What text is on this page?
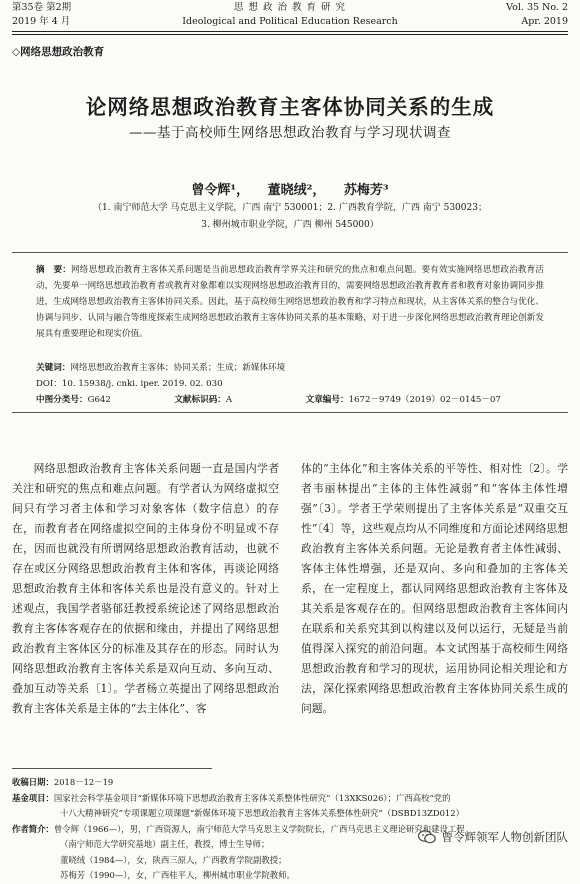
第35卷 第2期
2019 年 4 月
思 想 政 治 教 育 研 究
Ideological and Political Education Research
Vol. 35 No. 2
Apr. 2019
◇网络思想政治教育
论网络思想政治教育主客体协同关系的生成
——基于高校师生网络思想政治教育与学习现状调查
曾令辉¹， 董晓绒²， 苏梅芳³
（1. 南宁师范大学 马克思主义学院，广西 南宁 530001；2. 广西教育学院，广西 南宁 530023；
3. 柳州城市职业学院，广西 柳州 545000）
摘　要：网络思想政治教育主客体关系问题是当前思想政治教育学界关注和研究的焦点和难点问题。要有效实施网络思想政治教育活动，先要单一网络思想政治教育者或教育对象都难以实现网络思想政治教育目的，需要网络思想政治教育教育者和教育对象协调同步推进，生成网络思想政治教育主客体协同关系。因此，基于高校师生网络思想政治教育和学习特点和现状，从主客体关系的整合与优化、协调与同步、认同与融合等维度探索生成网络思想政治教育主客体协同关系的基本策略，对于进一步深化网络思想政治教育理论创新发展具有重要理论和现实价值。
关键词：网络思想政治教育主客体；协同关系；生成；新媒体环境
DOI：10. 15938/j. cnki. iper. 2019. 02. 030
中图分类号：G642	文献标识码：A	文章编号：1672－9749（2019）02－0145－07

网络思想政治教育主客体关系问题一直是国内学者关注和研究的焦点和难点问题。有学者认为网络虚拟空间只有学习者主体和学习对象客体（数字信息）的存在，而教育者在网络虚拟空间的主体身份不明显或不存在，因而也就没有所谓网络思想政治教育活动，也就不存在或区分网络思想政治教育主体和客体，再谈论网络思想政治教育主体和客体关系也是没有意义的。针对上述观点，我国学者骆郁廷教授系统论述了网络思想政治教育主客体客观存在的依据和缘由，并提出了网络思想政治教育主客体区分的标准及其存在的形态。同时认为网络思想政治教育主客体关系是双向互动、多向互动、叠加互动等关系〔1〕。学者杨立英提出了网络思想政治教育主客体关系是主体的“去主体化”、客

体的“主体化”和主客体关系的平等性、相对性〔2〕。学者韦丽林提出“主体的主体性减弱”和“客体主体性增强”〔3〕。学者王学荣则提出了主客体关系是“双重交互性”〔4〕等，这些观点均从不同维度和方面论述网络思想政治教育主客体关系问题。无论是教育者主体性减弱、客体主体性增强，还是双向、多向和叠加的主客体关系，在一定程度上，都认同网络思想政治教育主客体及其关系是客观存在的。但网络思想政治教育主客体间内在联系和关系究其到以构建以及何以运行，无疑是当前值得深入探究的前沿问题。本文试图基于高校师生网络思想政治教育和学习的现状，运用协同论相关理论和方法，深化探索网络思想政治教育主客体协同关系生成的问题。

收稿日期： 2018－12－19
基金项目： 国家社会科学基金项目“新媒体环境下思想政治教育主客体关系整体性研究”（13XKS026）；广西高校“党的
十八大精神研究”专项课题立项课题“新媒体环境下思想政治教育主客体关系整体性研究”（DSBD13ZD012）
作者简介： 曾令辉（1966—），男，广西资源人，南宁师范大学马克思主义学院院长，广西马克思主义理论研究和建设工程
（南宁师范大学研究基地）副主任，教授，博士生导师；
董晓绒（1984—），女，陕西三原人，广西教育学院副教授；
苏梅芳（1990—），女，广西桂平人，柳州城市职业学院教师。
曾令辉领军人物创新团队
